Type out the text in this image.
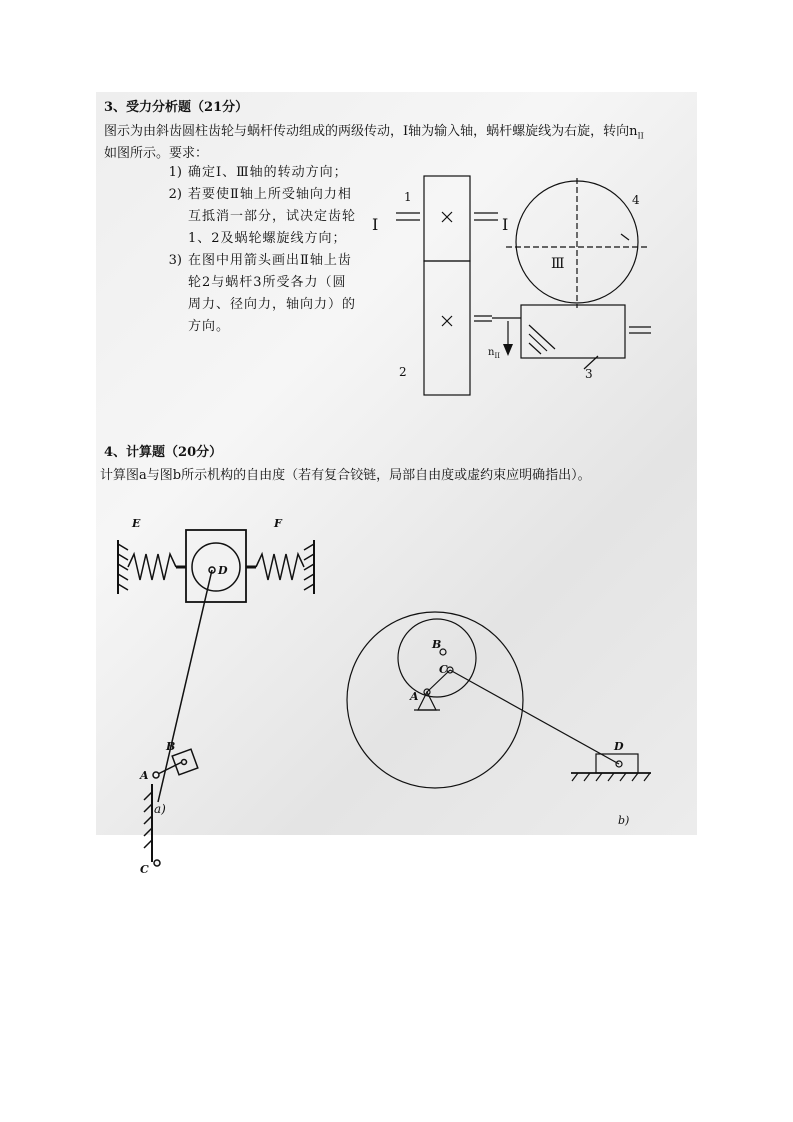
3、受力分析题（21分）
图示为由斜齿圆柱齿轮与蜗杆传动组成的两级传动，Ⅰ轴为输入轴，蜗杆螺旋线为右旋，转向$n_{II}$
如图所示。要求：
1) 确定Ⅰ、Ⅲ轴的转动方向；
2) 若要使Ⅱ轴上所受轴向力相互抵消一部分，试决定齿轮1、2及蜗轮螺旋线方向；
3) 在图中用箭头画出Ⅱ轴上齿轮2与蜗杆3所受各力（圆周力、径向力，轴向力）的方向。
1
I	I
4
Ⅲ
2	3
$n_{II}$
4、计算题（20分）
计算图a与图b所示机构的自由度（若有复合铰链，局部自由度或虚约束应明确指出）。
E	F
D
B
A
C
a)
B
C
A
D
b)
